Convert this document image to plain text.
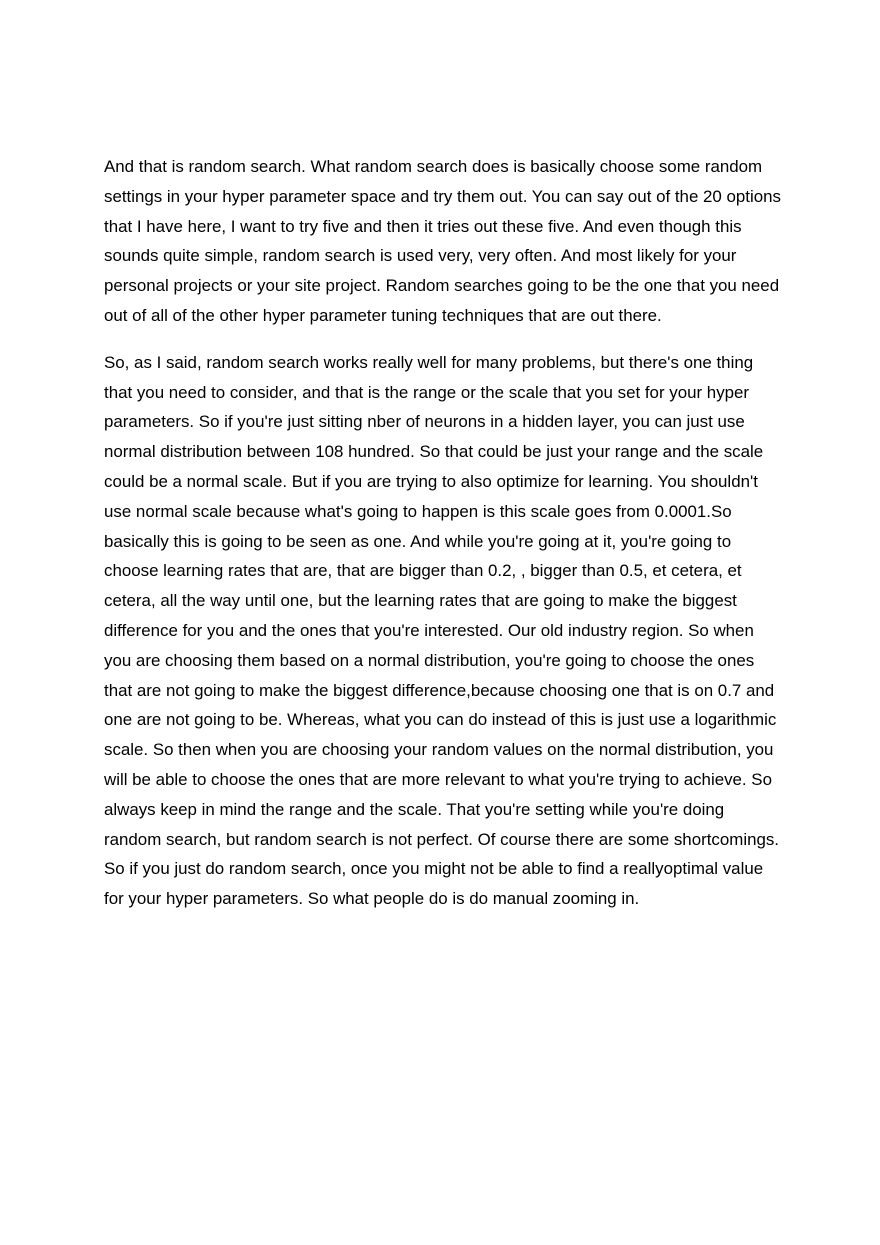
And that is random search. What random search does is basically choose some random settings in your hyper parameter space and try them out. You can say out of the 20 options that I have here, I want to try five and then it tries out these five. And even though this sounds quite simple, random search is used very, very often. And most likely for your personal projects or your site project. Random searches going to be the one that you need out of all of the other hyper parameter tuning techniques that are out there.

So, as I said, random search works really well for many problems, but there's one thing that you need to consider, and that is the range or the scale that you set for your hyper parameters. So if you're just sitting nber of neurons in a hidden layer, you can just use normal distribution between 108 hundred. So that could be just your range and the scale could be a normal scale. But if you are trying to also optimize for learning. You shouldn't use normal scale because what's going to happen is this scale goes from 0.0001.So basically this is going to be seen as one. And while you're going at it, you're going to choose learning rates that are, that are bigger than 0.2, , bigger than 0.5, et cetera, et cetera, all the way until one, but the learning rates that are going to make the biggest difference for you and the ones that you're interested. Our old industry region. So when you are choosing them based on a normal distribution, you're going to choose the ones that are not going to make the biggest difference,because choosing one that is on 0.7 and one are not going to be. Whereas, what you can do instead of this is just use a logarithmic scale. So then when you are choosing your random values on the normal distribution, you will be able to choose the ones that are more relevant to what you're trying to achieve. So always keep in mind the range and the scale. That you're setting while you're doing random search, but random search is not perfect. Of course there are some shortcomings. So if you just do random search, once you might not be able to find a reallyoptimal value for your hyper parameters. So what people do is do manual zooming in.
